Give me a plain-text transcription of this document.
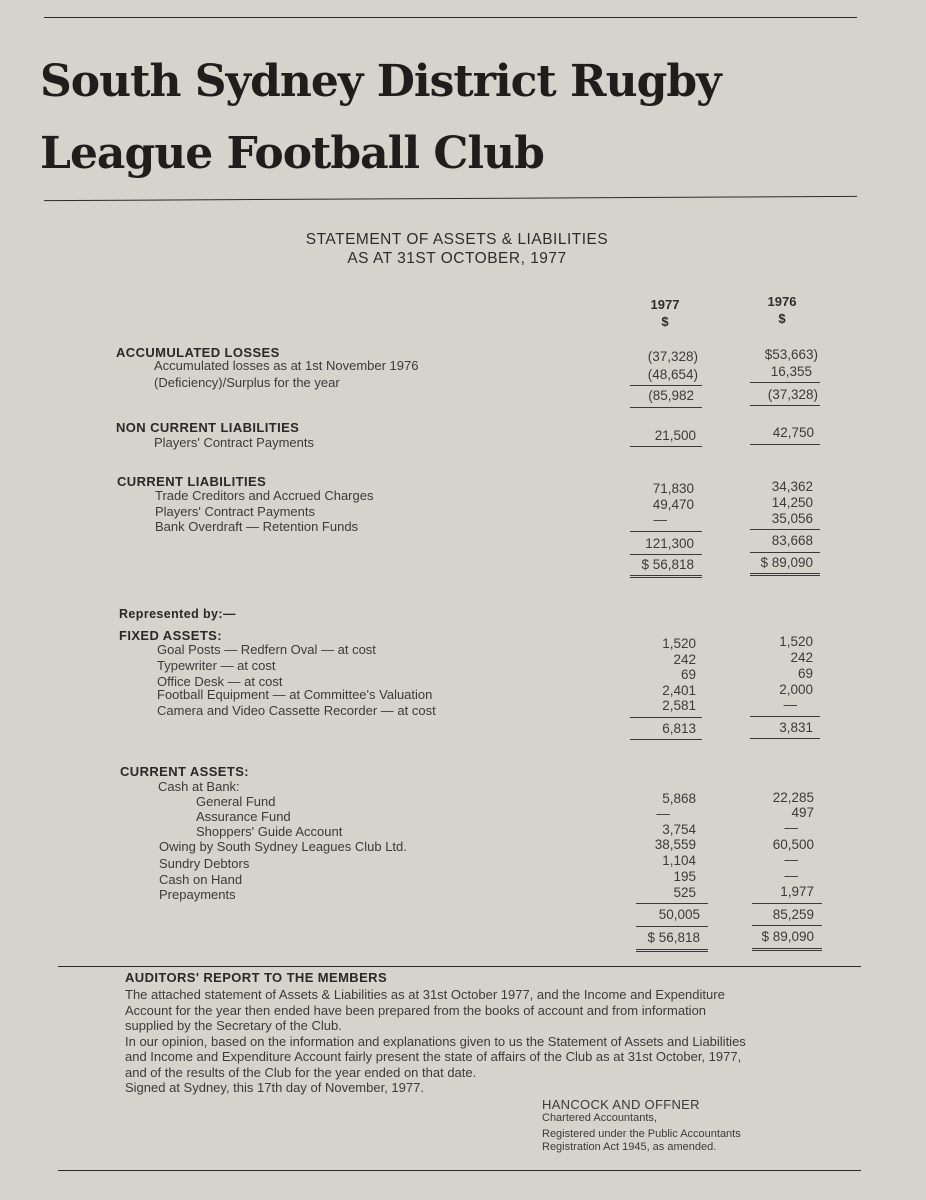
South Sydney District Rugby
League Football Club
STATEMENT OF ASSETS & LIABILITIES
AS AT 31ST OCTOBER, 1977
1977
$
1976
$
ACCUMULATED LOSSES
Accumulated losses as at 1st November 1976
(Deficiency)/Surplus for the year
(37,328)
(48,654)
(85,982
$53,663)
16,355
(37,328)
NON CURRENT LIABILITIES
Players' Contract Payments	21,500	42,750
CURRENT LIABILITIES
Trade Creditors and Accrued Charges
Players' Contract Payments
Bank Overdraft — Retention Funds
71,830
49,470
—
121,300
$ 56,818
34,362
14,250
35,056
83,668
$ 89,090
Represented by:—
FIXED ASSETS:
Goal Posts — Redfern Oval — at cost
Typewriter — at cost
Office Desk — at cost
Football Equipment — at Committee's Valuation
Camera and Video Cassette Recorder — at cost
1,520
242
69
2,401
2,581
6,813
1,520
242
69
2,000
—
3,831
CURRENT ASSETS:
Cash at Bank:
General Fund
Assurance Fund
Shoppers' Guide Account
Owing by South Sydney Leagues Club Ltd.
Sundry Debtors
Cash on Hand
Prepayments
5,868
—
3,754
38,559
1,104
195
525
50,005
$ 56,818
22,285
497
—
60,500
—
—
1,977
85,259
$ 89,090
AUDITORS' REPORT TO THE MEMBERS
The attached statement of Assets & Liabilities as at 31st October 1977, and the Income and Expenditure
Account for the year then ended have been prepared from the books of account and from information
supplied by the Secretary of the Club.
In our opinion, based on the information and explanations given to us the Statement of Assets and Liabilities
and Income and Expenditure Account fairly present the state of affairs of the Club as at 31st October, 1977,
and of the results of the Club for the year ended on that date.
Signed at Sydney, this 17th day of November, 1977.
HANCOCK AND OFFNER
Chartered Accountants,
Registered under the Public Accountants
Registration Act 1945, as amended.
